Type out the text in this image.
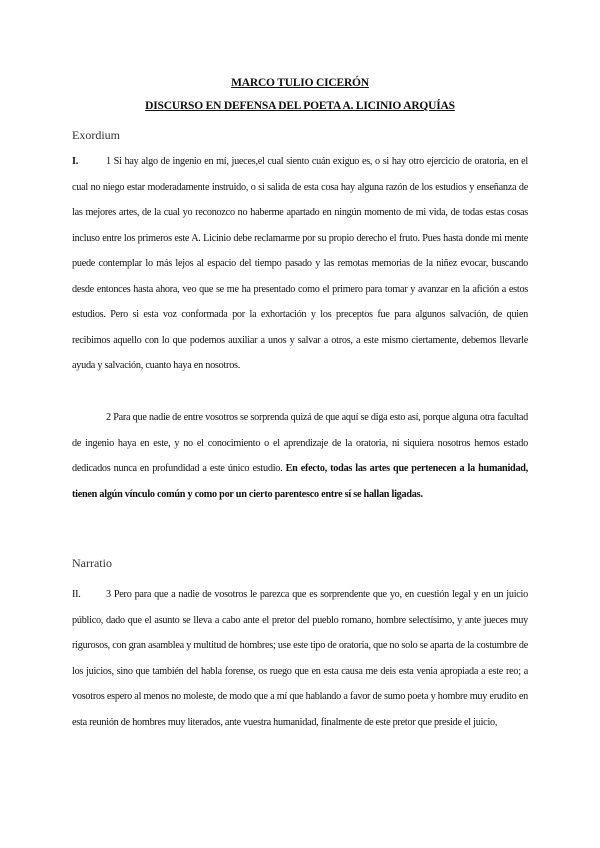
MARCO TULIO CICERÓN
DISCURSO EN DEFENSA DEL POETA A. LICINIO ARQUÍAS
Exordium
I.	1 Si hay algo de ingenio en mí, jueces,el cual siento cuán exiguo es, o si hay otro ejercicio de oratoria, en el cual no niego estar moderadamente instruido, o si salida de esta cosa hay alguna razón de los estudios y enseñanza de las mejores artes, de la cual yo reconozco no haberme apartado en ningún momento de mi vida, de todas estas cosas incluso entre los primeros este A. Licinio debe reclamarme por su propio derecho el fruto. Pues hasta donde mi mente puede contemplar lo más lejos al espacio del tiempo pasado y las remotas memorias de la niñez evocar, buscando desde entonces hasta ahora, veo que se me ha presentado como el primero para tomar y avanzar en la afición a estos estudios. Pero si esta voz conformada por la exhortación y los preceptos fue para algunos salvación, de quien recibimos aquello con lo que podemos auxiliar a unos y salvar a otros, a este mismo ciertamente, debemos llevarle ayuda y salvación, cuanto haya en nosotros.
2 Para que nadie de entre vosotros se sorprenda quizá de que aquí se diga esto así, porque alguna otra facultad de ingenio haya en este, y no el conocimiento o el aprendizaje de la oratoria, ni siquiera nosotros hemos estado dedicados nunca en profundidad a este único estudio. En efecto, todas las artes que pertenecen a la humanidad, tienen algún vínculo común y como por un cierto parentesco entre sí se hallan ligadas.
Narratio
II. 3 Pero para que a nadie de vosotros le parezca que es sorprendente que yo, en cuestión legal y en un juicio público, dado que el asunto se lleva a cabo ante el pretor del pueblo romano, hombre selectísimo, y ante jueces muy rigurosos, con gran asamblea y multitud de hombres; use este tipo de oratoria, que no solo se aparta de la costumbre de los juicios, sino que también del habla forense, os ruego que en esta causa me deis esta venia apropiada a este reo; a vosotros espero al menos no moleste, de modo que a mí que hablando a favor de sumo poeta y hombre muy erudito en esta reunión de hombres muy literados, ante vuestra humanidad, finalmente de este pretor que preside el juicio,
